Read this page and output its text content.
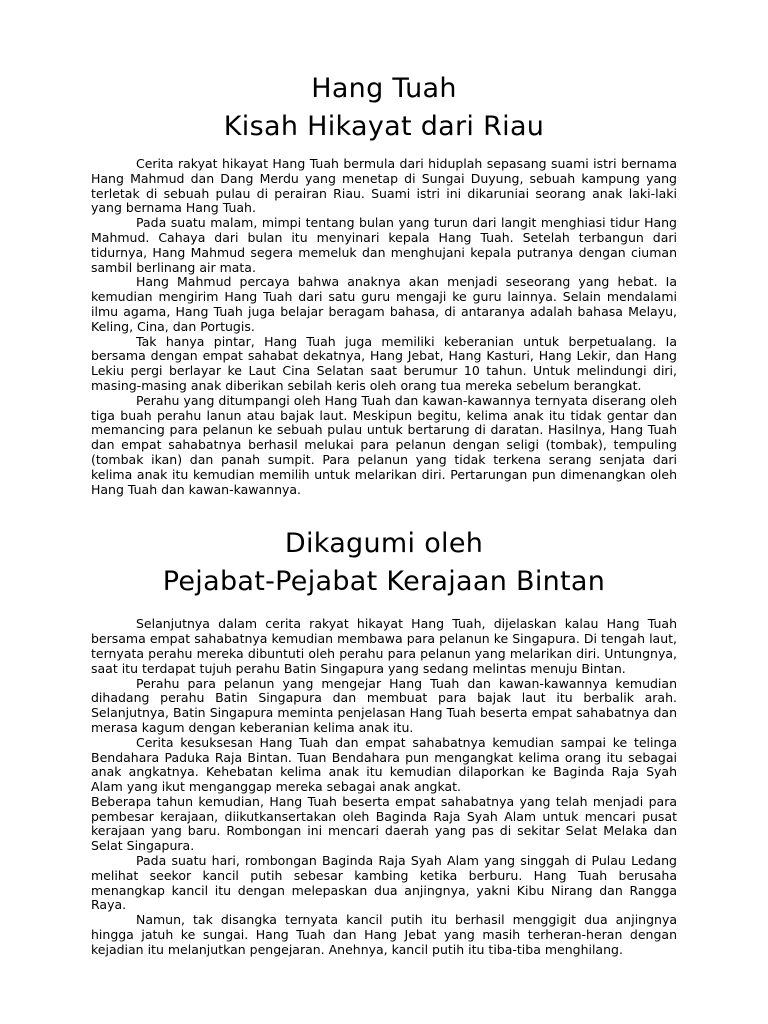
Hang Tuah
Kisah Hikayat dari Riau

Cerita rakyat hikayat Hang Tuah bermula dari hiduplah sepasang suami istri bernama Hang Mahmud dan Dang Merdu yang menetap di Sungai Duyung, sebuah kampung yang terletak di sebuah pulau di perairan Riau. Suami istri ini dikaruniai seorang anak laki-laki yang bernama Hang Tuah.

Pada suatu malam, mimpi tentang bulan yang turun dari langit menghiasi tidur Hang Mahmud. Cahaya dari bulan itu menyinari kepala Hang Tuah. Setelah terbangun dari tidurnya, Hang Mahmud segera memeluk dan menghujani kepala putranya dengan ciuman sambil berlinang air mata.

Hang Mahmud percaya bahwa anaknya akan menjadi seseorang yang hebat. Ia kemudian mengirim Hang Tuah dari satu guru mengaji ke guru lainnya. Selain mendalami ilmu agama, Hang Tuah juga belajar beragam bahasa, di antaranya adalah bahasa Melayu, Keling, Cina, dan Portugis.

Tak hanya pintar, Hang Tuah juga memiliki keberanian untuk berpetualang. Ia bersama dengan empat sahabat dekatnya, Hang Jebat, Hang Kasturi, Hang Lekir, dan Hang Lekiu pergi berlayar ke Laut Cina Selatan saat berumur 10 tahun. Untuk melindungi diri, masing-masing anak diberikan sebilah keris oleh orang tua mereka sebelum berangkat.

Perahu yang ditumpangi oleh Hang Tuah dan kawan-kawannya ternyata diserang oleh tiga buah perahu lanun atau bajak laut. Meskipun begitu, kelima anak itu tidak gentar dan memancing para pelanun ke sebuah pulau untuk bertarung di daratan. Hasilnya, Hang Tuah dan empat sahabatnya berhasil melukai para pelanun dengan seligi (tombak), tempuling (tombak ikan) dan panah sumpit. Para pelanun yang tidak terkena serang senjata dari kelima anak itu kemudian memilih untuk melarikan diri. Pertarungan pun dimenangkan oleh Hang Tuah dan kawan-kawannya.

Dikagumi oleh
Pejabat-Pejabat Kerajaan Bintan

Selanjutnya dalam cerita rakyat hikayat Hang Tuah, dijelaskan kalau Hang Tuah bersama empat sahabatnya kemudian membawa para pelanun ke Singapura. Di tengah laut, ternyata perahu mereka dibuntuti oleh perahu para pelanun yang melarikan diri. Untungnya, saat itu terdapat tujuh perahu Batin Singapura yang sedang melintas menuju Bintan.

Perahu para pelanun yang mengejar Hang Tuah dan kawan-kawannya kemudian dihadang perahu Batin Singapura dan membuat para bajak laut itu berbalik arah. Selanjutnya, Batin Singapura meminta penjelasan Hang Tuah beserta empat sahabatnya dan merasa kagum dengan keberanian kelima anak itu.

Cerita kesuksesan Hang Tuah dan empat sahabatnya kemudian sampai ke telinga Bendahara Paduka Raja Bintan. Tuan Bendahara pun mengangkat kelima orang itu sebagai anak angkatnya. Kehebatan kelima anak itu kemudian dilaporkan ke Baginda Raja Syah Alam yang ikut menganggap mereka sebagai anak angkat.

Beberapa tahun kemudian, Hang Tuah beserta empat sahabatnya yang telah menjadi para pembesar kerajaan, diikutkansertakan oleh Baginda Raja Syah Alam untuk mencari pusat kerajaan yang baru. Rombongan ini mencari daerah yang pas di sekitar Selat Melaka dan Selat Singapura.

Pada suatu hari, rombongan Baginda Raja Syah Alam yang singgah di Pulau Ledang melihat seekor kancil putih sebesar kambing ketika berburu. Hang Tuah berusaha menangkap kancil itu dengan melepaskan dua anjingnya, yakni Kibu Nirang dan Rangga Raya.

Namun, tak disangka ternyata kancil putih itu berhasil menggigit dua anjingnya hingga jatuh ke sungai. Hang Tuah dan Hang Jebat yang masih terheran-heran dengan kejadian itu melanjutkan pengejaran. Anehnya, kancil putih itu tiba-tiba menghilang.
